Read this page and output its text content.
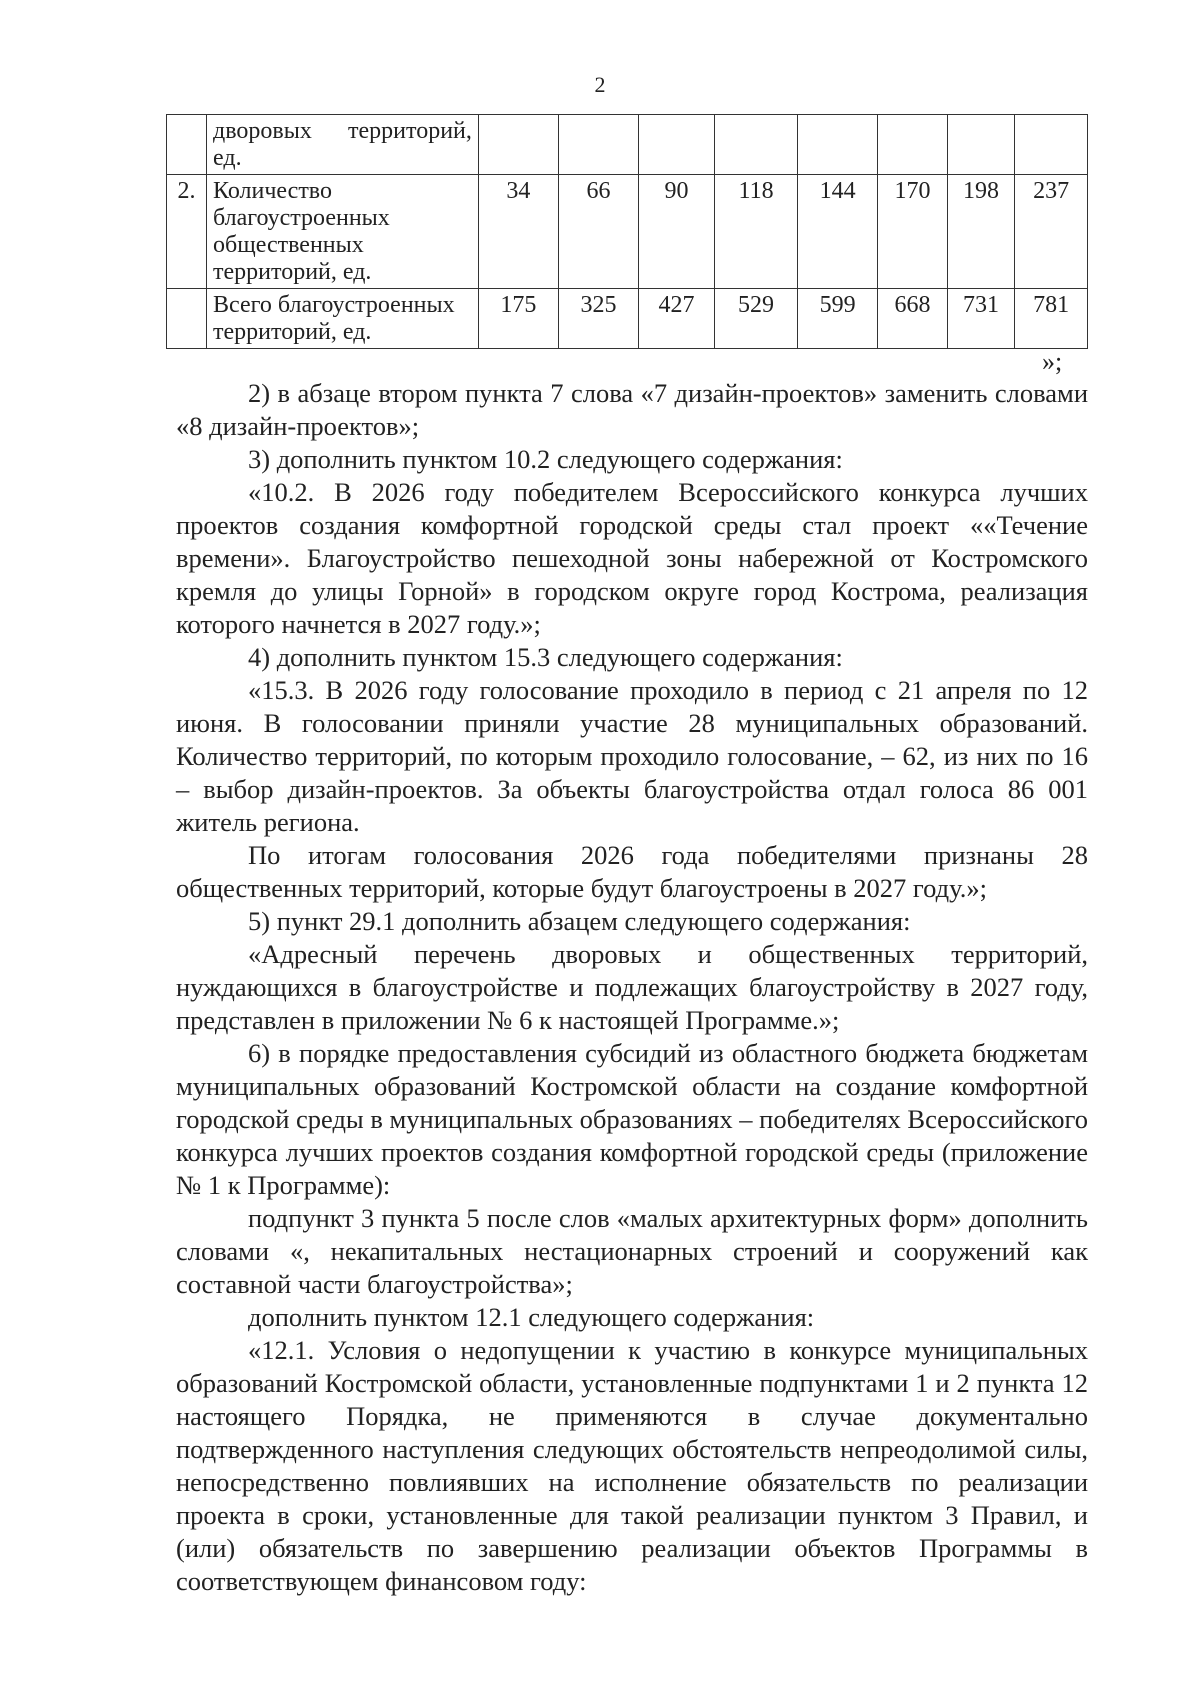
2
	дворовых территорий, ед.								
2.	Количество благоустроенных общественных территорий, ед.	34	66	90	118	144	170	198	237
	Всего благоустроенных территорий, ед.	175	325	427	529	599	668	731	781
»;

2) в абзаце втором пункта 7 слова «7 дизайн-проектов» заменить словами «8 дизайн-проектов»;

3) дополнить пунктом 10.2 следующего содержания:

«10.2. В 2026 году победителем Всероссийского конкурса лучших проектов создания комфортной городской среды стал проект ««Течение времени». Благоустройство пешеходной зоны набережной от Костромского кремля до улицы Горной» в городском округе город Кострома, реализация которого начнется в 2027 году.»;

4) дополнить пунктом 15.3 следующего содержания:

«15.3. В 2026 году голосование проходило в период с 21 апреля по 12 июня. В голосовании приняли участие 28 муниципальных образований. Количество территорий, по которым проходило голосование, – 62, из них по 16 – выбор дизайн-проектов. За объекты благоустройства отдал голоса 86 001 житель региона.

По итогам голосования 2026 года победителями признаны 28 общественных территорий, которые будут благоустроены в 2027 году.»;

5) пункт 29.1 дополнить абзацем следующего содержания:

«Адресный перечень дворовых и общественных территорий, нуждающихся в благоустройстве и подлежащих благоустройству в 2027 году, представлен в приложении № 6 к настоящей Программе.»;

6) в порядке предоставления субсидий из областного бюджета бюджетам муниципальных образований Костромской области на создание комфортной городской среды в муниципальных образованиях – победителях Всероссийского конкурса лучших проектов создания комфортной городской среды (приложение № 1 к Программе):

подпункт 3 пункта 5 после слов «малых архитектурных форм» дополнить словами «, некапитальных нестационарных строений и сооружений как составной части благоустройства»;

дополнить пунктом 12.1 следующего содержания:

«12.1. Условия о недопущении к участию в конкурсе муниципальных образований Костромской области, установленные подпунктами 1 и 2 пункта 12 настоящего Порядка, не применяются в случае документально подтвержденного наступления следующих обстоятельств непреодолимой силы, непосредственно повлиявших на исполнение обязательств по реализации проекта в сроки, установленные для такой реализации пунктом 3 Правил, и (или) обязательств по завершению реализации объектов Программы в соответствующем финансовом году:
